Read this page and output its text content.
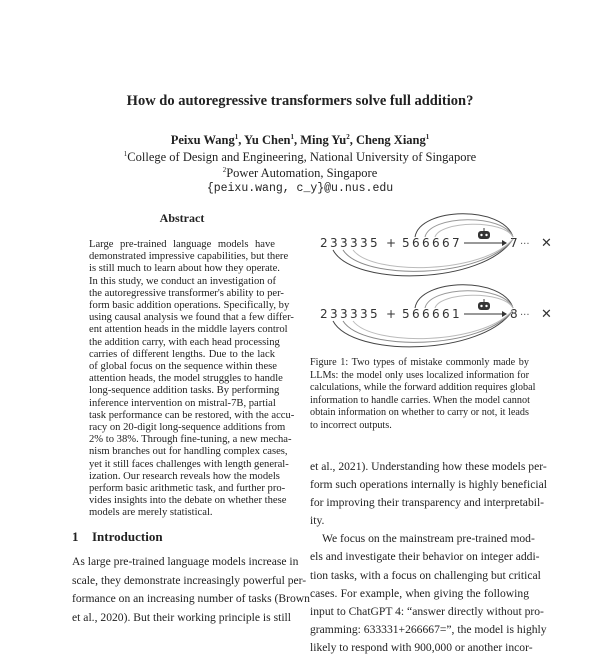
How do autoregressive transformers solve full addition?
Peixu Wang$^1$, Yu Chen$^1$, Ming Yu$^2$, Cheng Xiang$^1$
$^1$College of Design and Engineering, National University of Singapore
$^2$Power Automation, Singapore
{peixu.wang, c_y}@u.nus.edu
Abstract
Large pre-trained language models have
demonstrated impressive capabilities, but there
is still much to learn about how they operate.
In this study, we conduct an investigation of
the autoregressive transformer's ability to per-
form basic addition operations. Specifically, by
using causal analysis we found that a few differ-
ent attention heads in the middle layers control
the addition carry, with each head processing
carries of different lengths. Due to the lack
of global focus on the sequence within these
attention heads, the model struggles to handle
long-sequence addition tasks. By performing
inference intervention on mistral-7B, partial
task performance can be restored, with the accu-
racy on 20-digit long-sequence additions from
2% to 38%. Through fine-tuning, a new mecha-
nism branches out for handling complex cases,
yet it still faces challenges with length general-
ization. Our research reveals how the models
perform basic arithmetic task, and further pro-
vides insights into the debate on whether these
models are merely statistical.
1 Introduction
As large pre-trained language models increase in
scale, they demonstrate increasingly powerful per-
formance on an increasing number of tasks (Brown
et al., 2020). But their working principle is still
2 3 3 3 3 5 + 5 6 6 6 6 7	7 ··· ✕
2 3 3 3 3 5 + 5 6 6 6 6 1	8 ··· ✕
Figure 1: Two types of mistake commonly made by
LLMs: the model only uses localized information for
calculations, while the forward addition requires global
information to handle carries. When the model cannot
obtain information on whether to carry or not, it leads
to incorrect outputs.
et al., 2021). Understanding how these models per-
form such operations internally is highly beneficial
for improving their transparency and interpretabil-
ity.
We focus on the mainstream pre-trained mod-
els and investigate their behavior on integer addi-
tion tasks, with a focus on challenging but critical
cases. For example, when giving the following
input to ChatGPT 4: “answer directly without pro-
gramming: 633331+266667=”, the model is highly
likely to respond with 900,000 or another incor-
